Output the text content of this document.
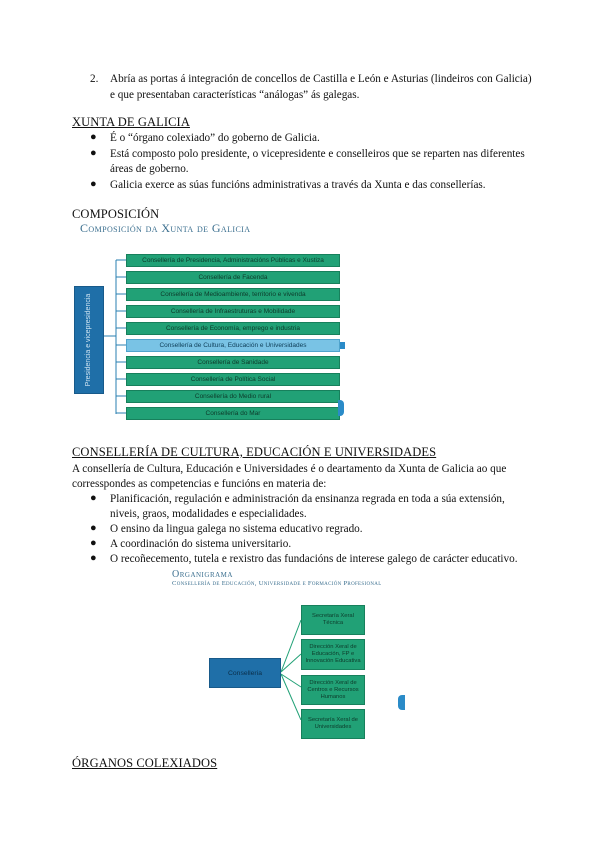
2. Abría as portas á integración de concellos de Castilla e León e Asturias (lindeiros con Galicia)
e que presentaban características “análogas” ás galegas.
XUNTA DE GALICIA
● É o “órgano colexiado” do goberno de Galicia.
● Está composto polo presidente, o vicepresidente e conselleiros que se reparten nas diferentes
áreas de goberno.
● Galicia exerce as súas funcións administrativas a través da Xunta e das consellerías.
COMPOSICIÓN
Composición da Xunta de Galicia
Presidencia e vicepresidencia
Consellería de Presidencia, Administracións Públicas e Xustiza
Consellería de Facenda
Consellería de Medioambiente, territorio e vivenda
Consellería de Infraestruturas e Mobilidade
Consellería de Economía, emprego e industria
Consellería de Cultura, Educación e Universidades
Consellería de Sanidade
Consellería de Política Social
Consellería do Medio rural
Consellería do Mar
CONSELLERÍA DE CULTURA, EDUCACIÓN E UNIVERSIDADES
A consellería de Cultura, Educación e Universidades é o deartamento da Xunta de Galicia ao que
corresspondes as competencias e funcións en materia de:
● Planificación, regulación e administración da ensinanza regrada en toda a súa extensión,
niveis, graos, modalidades e especialidades.
● O ensino da lingua galega no sistema educativo regrado.
● A coordinación do sistema universitario.
● O recoñecemento, tutela e rexistro das fundacións de interese galego de carácter educativo.
Organigrama
Consellería de Educación, Universidade e Formación Profesional
Conselleria
Secretaría Xeral Técnica
Dirección Xeral de Educación, FP e Innovación Educativa
Dirección Xeral de Centros e Recursos Humanos
Secretaría Xeral de Universidades
ÓRGANOS COLEXIADOS
